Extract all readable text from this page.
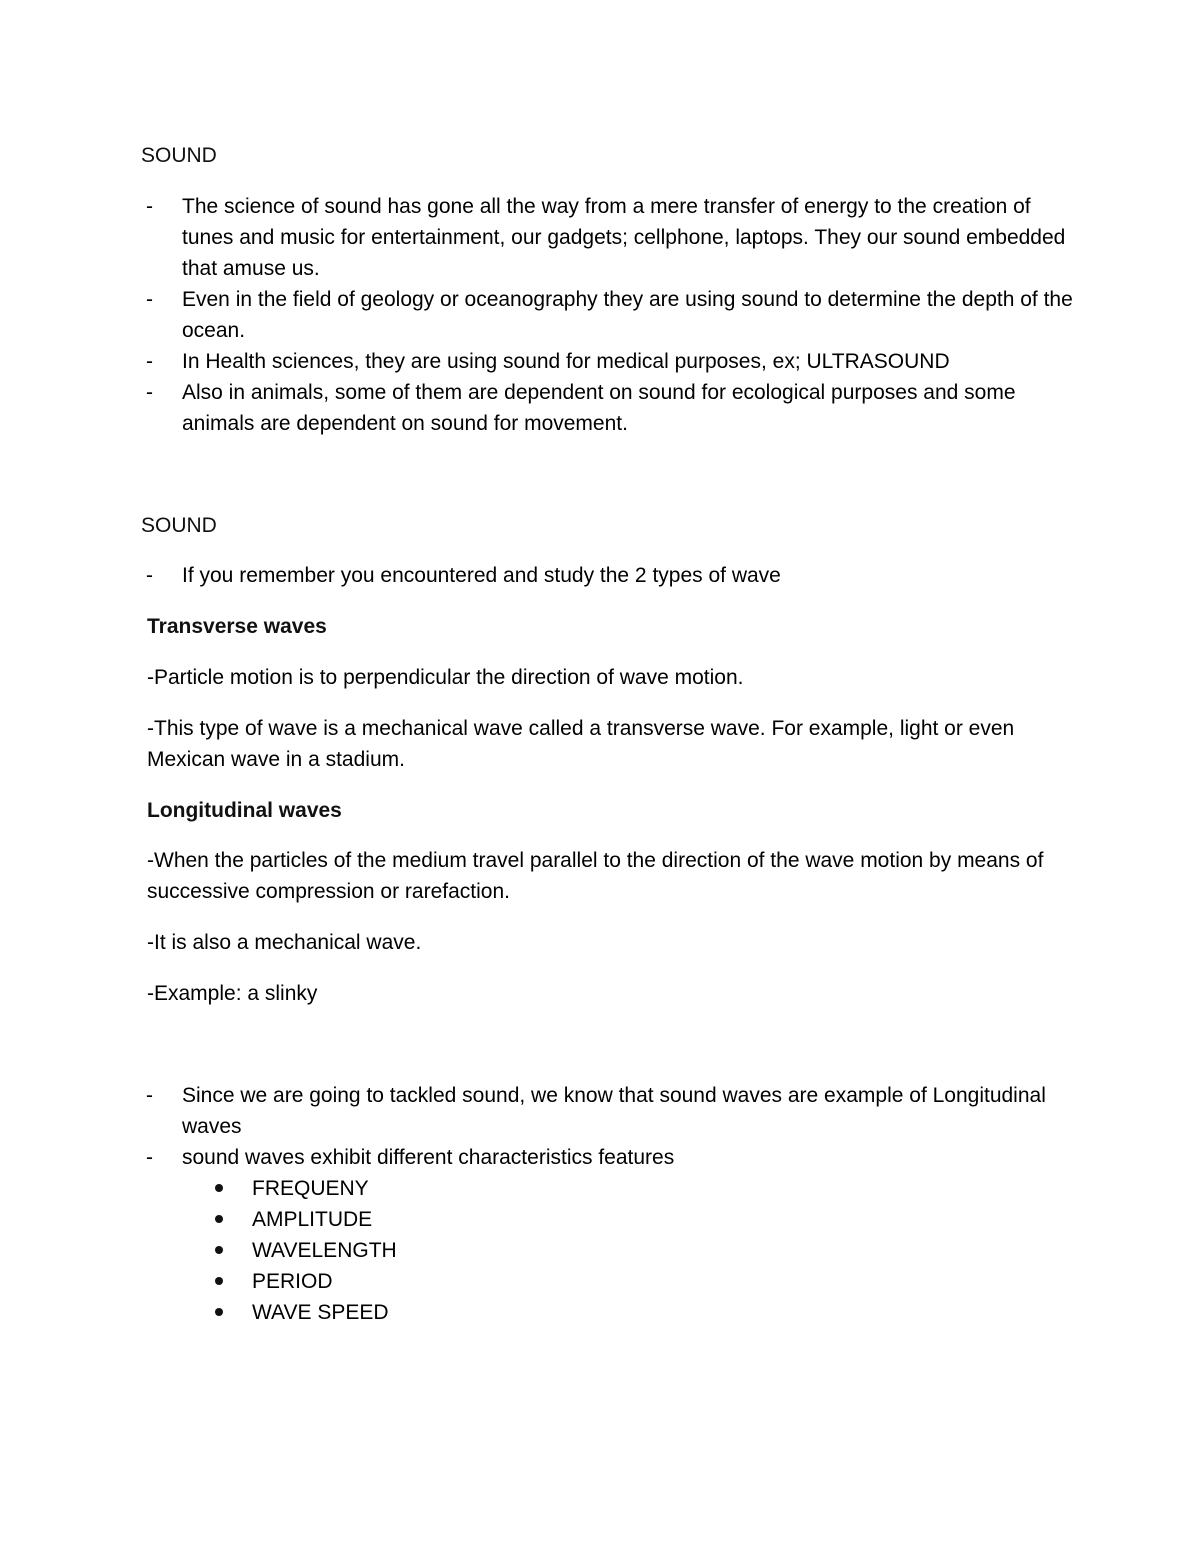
SOUND
- The science of sound has gone all the way from a mere transfer of energy to the creation of tunes and music for entertainment, our gadgets; cellphone, laptops. They our sound embedded that amuse us.
- Even in the field of geology or oceanography they are using sound to determine the depth of the ocean.
- In Health sciences, they are using sound for medical purposes, ex; ULTRASOUND
- Also in animals, some of them are dependent on sound for ecological purposes and some animals are dependent on sound for movement.
SOUND
- If you remember you encountered and study the 2 types of wave
Transverse waves
-Particle motion is to perpendicular the direction of wave motion.
-This type of wave is a mechanical wave called a transverse wave. For example, light or even Mexican wave in a stadium.
Longitudinal waves
-When the particles of the medium travel parallel to the direction of the wave motion by means of successive compression or rarefaction.
-It is also a mechanical wave.
-Example: a slinky
- Since we are going to tackled sound, we know that sound waves are example of Longitudinal waves
- sound waves exhibit different characteristics features
FREQUENY
AMPLITUDE
WAVELENGTH
PERIOD
WAVE SPEED
